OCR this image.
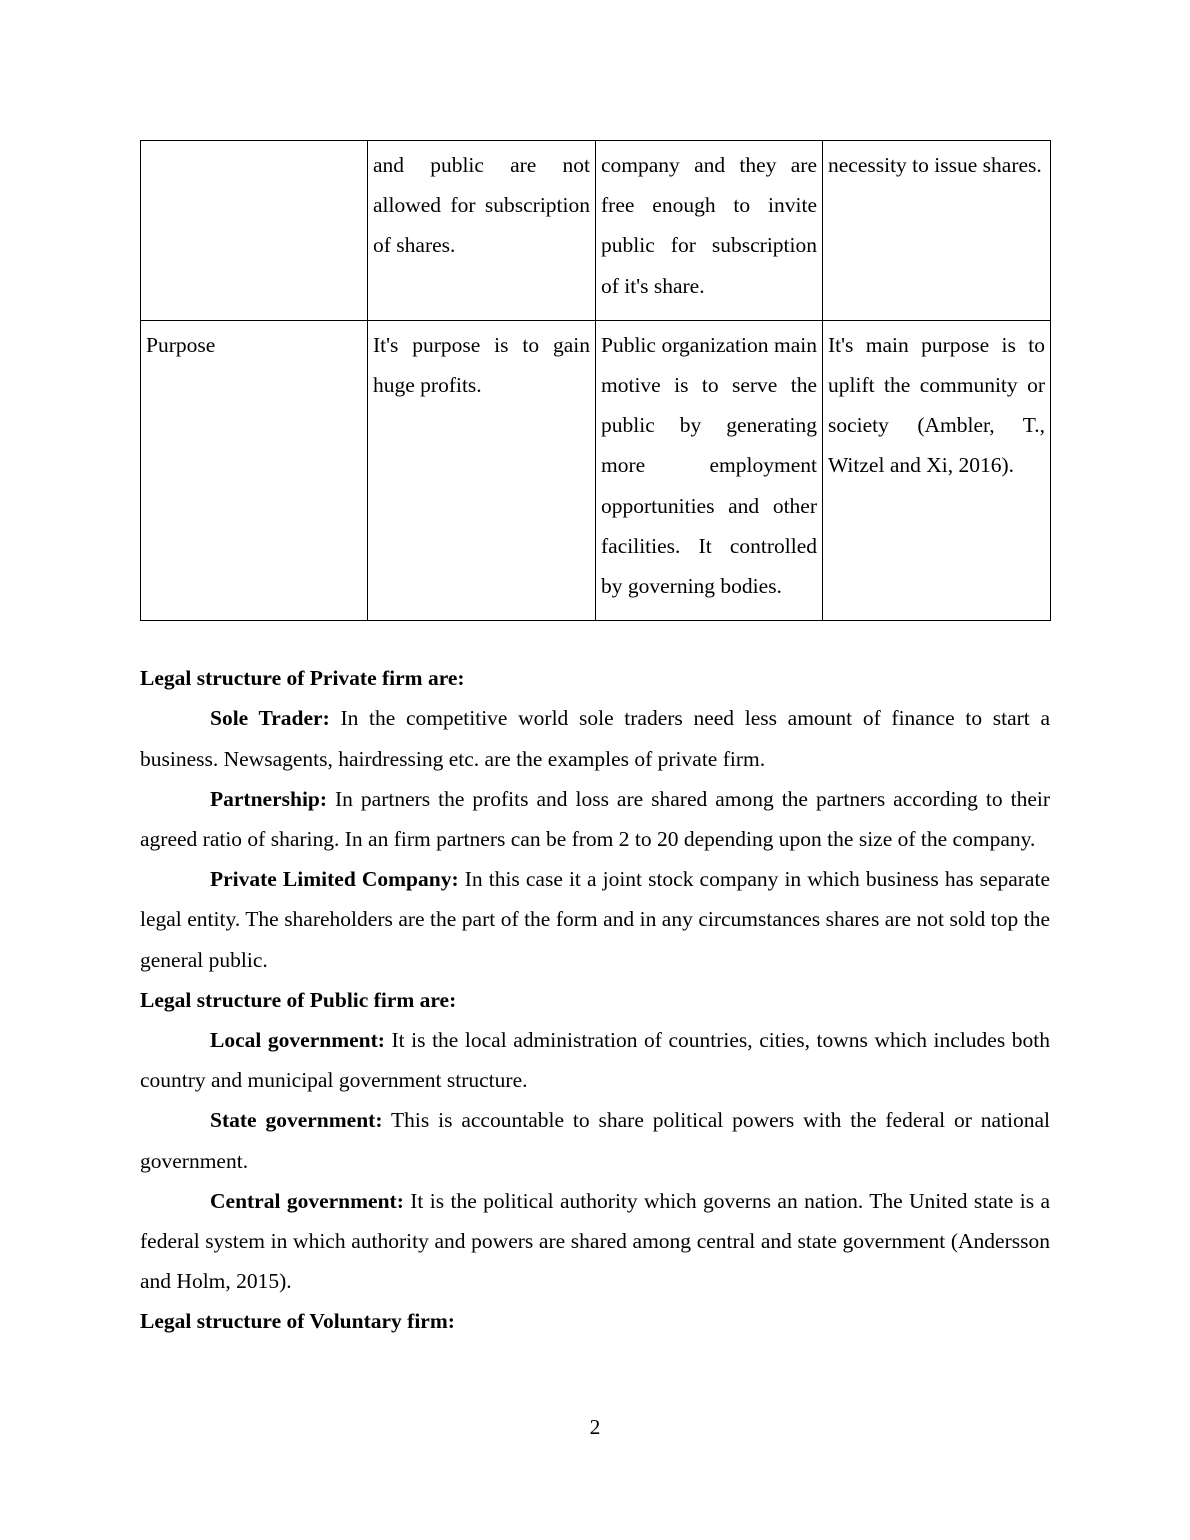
	and public are not allowed for subscription of shares.	company and they are free enough to invite public for subscription of it's share.	necessity to issue shares.
Purpose	It's purpose is to gain huge profits.	Public organization main motive is to serve the public by generating more employment opportunities and other facilities. It controlled by governing bodies.	It's main purpose is to uplift the community or society (Ambler, T., Witzel and Xi, 2016).

Legal structure of Private firm are:

Sole Trader: In the competitive world sole traders need less amount of finance to start a business. Newsagents, hairdressing etc. are the examples of private firm.

Partnership: In partners the profits and loss are shared among the partners according to their agreed ratio of sharing. In an firm partners can be from 2 to 20 depending upon the size of the company.

Private Limited Company: In this case it a joint stock company in which business has separate legal entity. The shareholders are the part of the form and in any circumstances shares are not sold top the general public.

Legal structure of Public firm are:

Local government: It is the local administration of countries, cities, towns which includes both country and municipal government structure.

State government: This is accountable to share political powers with the federal or national government.

Central government: It is the political authority which governs an nation. The United state is a federal system in which authority and powers are shared among central and state government (Andersson and Holm, 2015).

Legal structure of Voluntary firm:

2
